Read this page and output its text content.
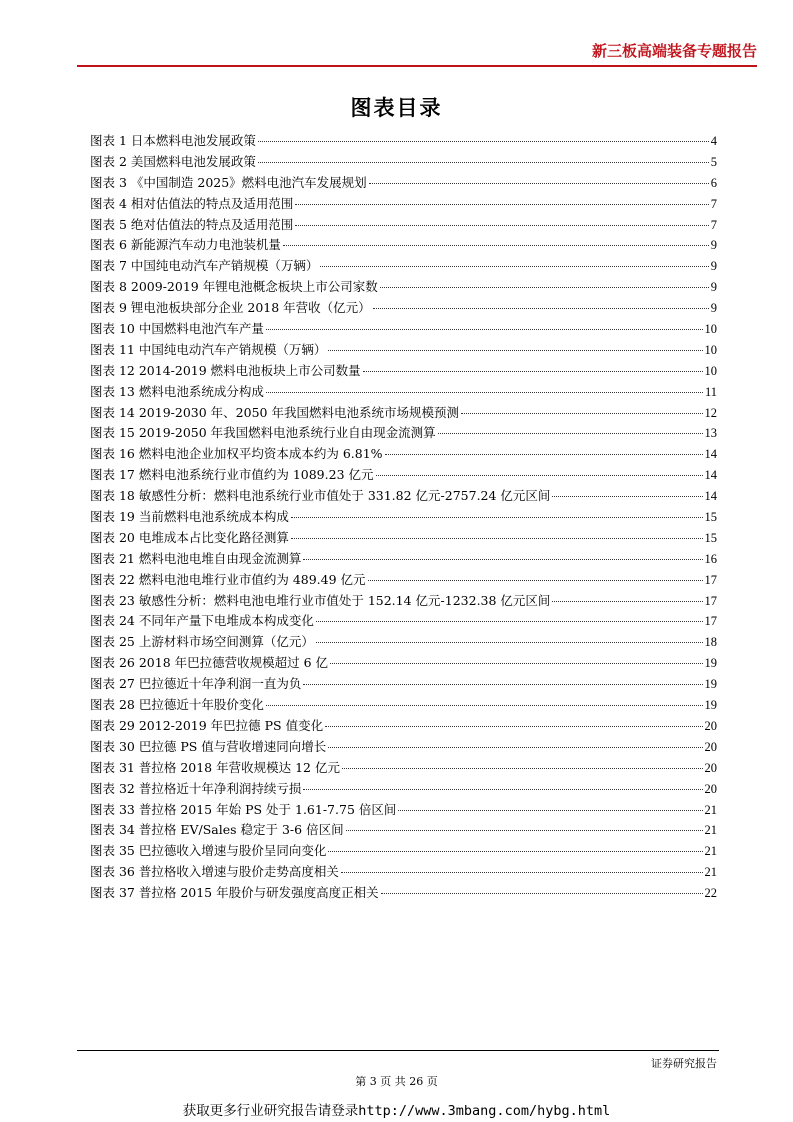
新三板高端装备专题报告
图表目录
图表 1 日本燃料电池发展政策	4
图表 2 美国燃料电池发展政策	5
图表 3 《中国制造 2025》燃料电池汽车发展规划	6
图表 4 相对估值法的特点及适用范围	7
图表 5 绝对估值法的特点及适用范围	7
图表 6 新能源汽车动力电池装机量	9
图表 7 中国纯电动汽车产销规模（万辆）	9
图表 8 2009-2019 年锂电池概念板块上市公司家数	9
图表 9 锂电池板块部分企业 2018 年营收（亿元）	9
图表 10 中国燃料电池汽车产量	10
图表 11 中国纯电动汽车产销规模（万辆）	10
图表 12 2014-2019 燃料电池板块上市公司数量	10
图表 13 燃料电池系统成分构成	11
图表 14 2019-2030 年、2050 年我国燃料电池系统市场规模预测	12
图表 15 2019-2050 年我国燃料电池系统行业自由现金流测算	13
图表 16 燃料电池企业加权平均资本成本约为 6.81%	14
图表 17 燃料电池系统行业市值约为 1089.23 亿元	14
图表 18 敏感性分析：燃料电池系统行业市值处于 331.82 亿元-2757.24 亿元区间	14
图表 19 当前燃料电池系统成本构成	15
图表 20 电堆成本占比变化路径测算	15
图表 21 燃料电池电堆自由现金流测算	16
图表 22 燃料电池电堆行业市值约为 489.49 亿元	17
图表 23 敏感性分析：燃料电池电堆行业市值处于 152.14 亿元-1232.38 亿元区间	17
图表 24 不同年产量下电堆成本构成变化	17
图表 25 上游材料市场空间测算（亿元）	18
图表 26 2018 年巴拉德营收规模超过 6 亿	19
图表 27 巴拉德近十年净利润一直为负	19
图表 28 巴拉德近十年股价变化	19
图表 29 2012-2019 年巴拉德 PS 值变化	20
图表 30 巴拉德 PS 值与营收增速同向增长	20
图表 31 普拉格 2018 年营收规模达 12 亿元	20
图表 32 普拉格近十年净利润持续亏损	20
图表 33 普拉格 2015 年始 PS 处于 1.61-7.75 倍区间	21
图表 34 普拉格 EV/Sales 稳定于 3-6 倍区间	21
图表 35 巴拉德收入增速与股价呈同向变化	21
图表 36 普拉格收入增速与股价走势高度相关	21
图表 37 普拉格 2015 年股价与研发强度高度正相关	22
证券研究报告
第 3 页 共 26 页
获取更多行业研究报告请登录http://www.3mbang.com/hybg.html
